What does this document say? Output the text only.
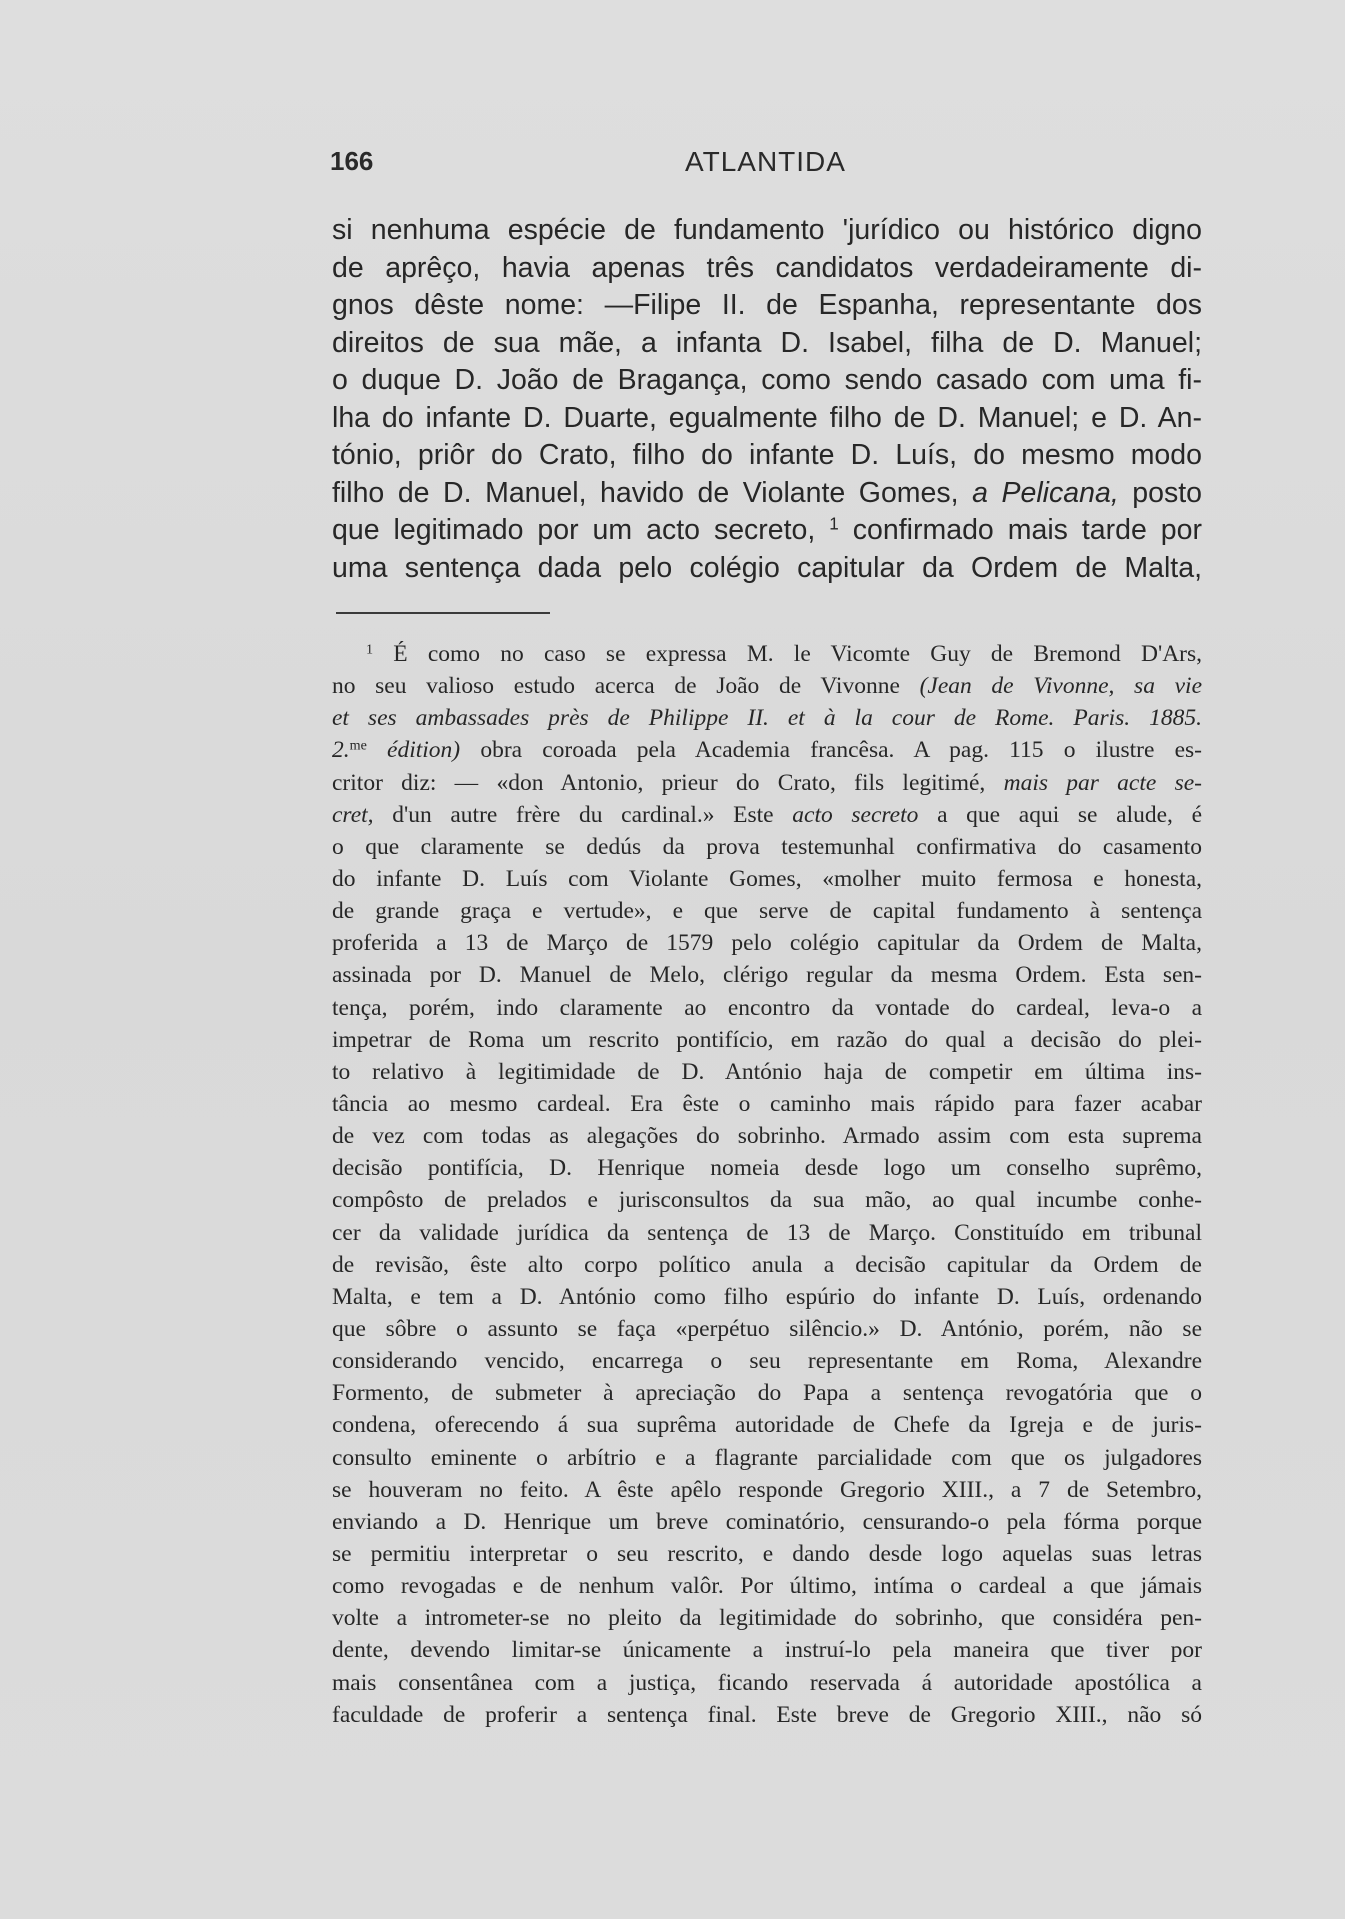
166	ATLANTIDA
si nenhuma espécie de fundamento 'jurídico ou histórico digno
de aprêço, havia apenas três candidatos verdadeiramente di-
gnos dêste nome: —Filipe II. de Espanha, representante dos
direitos de sua mãe, a infanta D. Isabel, filha de D. Manuel;
o duque D. João de Bragança, como sendo casado com uma fi-
lha do infante D. Duarte, egualmente filho de D. Manuel; e D. An-
tónio, priôr do Crato, filho do infante D. Luís, do mesmo modo
filho de D. Manuel, havido de Violante Gomes, a Pelicana, posto
que legitimado por um acto secreto, $^1$ confirmado mais tarde por
uma sentença dada pelo colégio capitular da Ordem de Malta,
$^1$ É como no caso se expressa M. le Vicomte Guy de Bremond D'Ars,
no seu valioso estudo acerca de João de Vivonne (Jean de Vivonne, sa vie
et ses ambassades près de Philippe II. et à la cour de Rome. Paris. 1885.
2.$^{me}$ édition) obra coroada pela Academia francêsa. A pag. 115 o ilustre es-
critor diz: — «don Antonio, prieur do Crato, fils legitimé, mais par acte se-
cret, d'un autre frère du cardinal.» Este acto secreto a que aqui se alude, é
o que claramente se dedús da prova testemunhal confirmativa do casamento
do infante D. Luís com Violante Gomes, «molher muito fermosa e honesta,
de grande graça e vertude», e que serve de capital fundamento à sentença
proferida a 13 de Março de 1579 pelo colégio capitular da Ordem de Malta,
assinada por D. Manuel de Melo, clérigo regular da mesma Ordem. Esta sen-
tença, porém, indo claramente ao encontro da vontade do cardeal, leva-o a
impetrar de Roma um rescrito pontifício, em razão do qual a decisão do plei-
to relativo à legitimidade de D. António haja de competir em última ins-
tância ao mesmo cardeal. Era êste o caminho mais rápido para fazer acabar
de vez com todas as alegações do sobrinho. Armado assim com esta suprema
decisão pontifícia, D. Henrique nomeia desde logo um conselho suprêmo,
compôsto de prelados e jurisconsultos da sua mão, ao qual incumbe conhe-
cer da validade jurídica da sentença de 13 de Março. Constituído em tribunal
de revisão, êste alto corpo político anula a decisão capitular da Ordem de
Malta, e tem a D. António como filho espúrio do infante D. Luís, ordenando
que sôbre o assunto se faça «perpétuo silêncio.» D. António, porém, não se
considerando vencido, encarrega o seu representante em Roma, Alexandre
Formento, de submeter à apreciação do Papa a sentença revogatória que o
condena, oferecendo á sua suprêma autoridade de Chefe da Igreja e de juris-
consulto eminente o arbítrio e a flagrante parcialidade com que os julgadores
se houveram no feito. A êste apêlo responde Gregorio XIII., a 7 de Setembro,
enviando a D. Henrique um breve cominatório, censurando-o pela fórma porque
se permitiu interpretar o seu rescrito, e dando desde logo aquelas suas letras
como revogadas e de nenhum valôr. Por último, intíma o cardeal a que jámais
volte a intrometer-se no pleito da legitimidade do sobrinho, que considéra pen-
dente, devendo limitar-se únicamente a instruí-lo pela maneira que tiver por
mais consentânea com a justiça, ficando reservada á autoridade apostólica a
faculdade de proferir a sentença final. Este breve de Gregorio XIII., não só
